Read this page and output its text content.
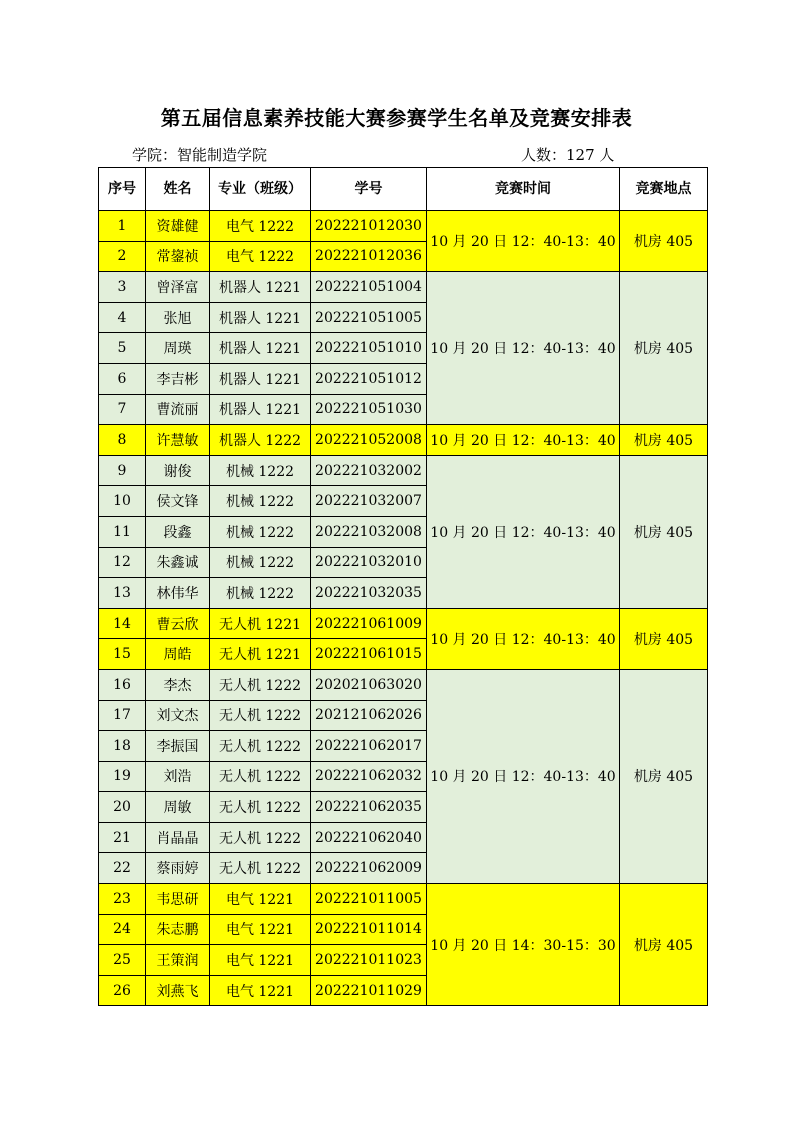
第五届信息素养技能大赛参赛学生名单及竞赛安排表
学院：智能制造学院	人数：127 人
序号	姓名	专业（班级）	学号	竞赛时间	竞赛地点
1	资雄健	电气 1222	202221012030	10 月 20 日 12：40-13：40	机房 405
2	常鋆祯	电气 1222	202221012036		
3	曾泽富	机器人 1221	202221051004	10 月 20 日 12：40-13：40	机房 405
4	张旭	机器人 1221	202221051005		
5	周瑛	机器人 1221	202221051010		
6	李吉彬	机器人 1221	202221051012		
7	曹流丽	机器人 1221	202221051030		
8	许慧敏	机器人 1222	202221052008	10 月 20 日 12：40-13：40	机房 405
9	谢俊	机械 1222	202221032002	10 月 20 日 12：40-13：40	机房 405
10	侯文锋	机械 1222	202221032007		
11	段鑫	机械 1222	202221032008		
12	朱鑫诚	机械 1222	202221032010		
13	林伟华	机械 1222	202221032035		
14	曹云欣	无人机 1221	202221061009	10 月 20 日 12：40-13：40	机房 405
15	周皓	无人机 1221	202221061015		
16	李杰	无人机 1222	202021063020	10 月 20 日 12：40-13：40	机房 405
17	刘文杰	无人机 1222	202121062026		
18	李振国	无人机 1222	202221062017		
19	刘浩	无人机 1222	202221062032		
20	周敏	无人机 1222	202221062035		
21	肖晶晶	无人机 1222	202221062040		
22	蔡雨婷	无人机 1222	202221062009		
23	韦思研	电气 1221	202221011005	10 月 20 日 14：30-15：30	机房 405
24	朱志鹏	电气 1221	202221011014		
25	王策润	电气 1221	202221011023		
26	刘燕飞	电气 1221	202221011029		
